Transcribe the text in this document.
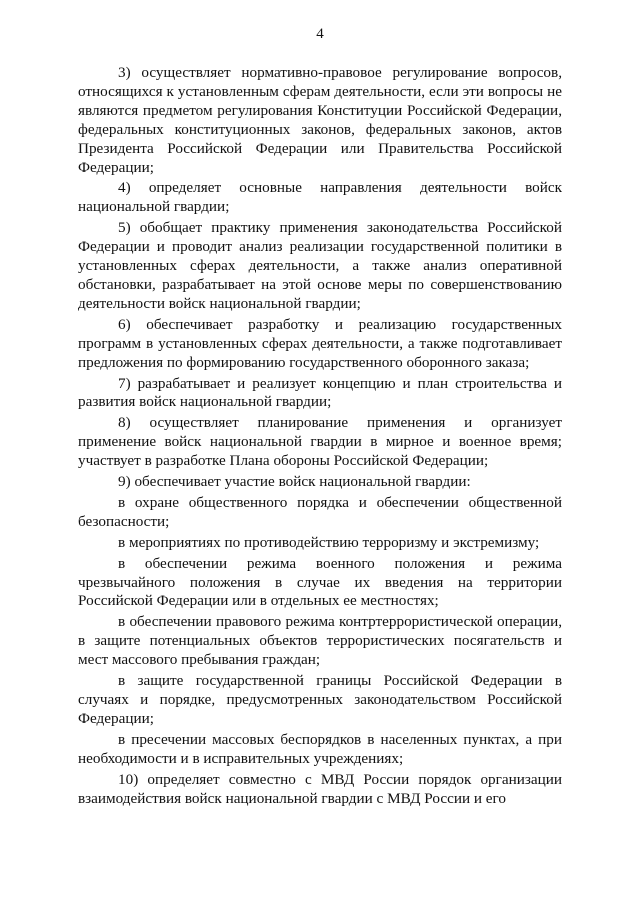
4

3) осуществляет нормативно-правовое регулирование вопросов, относящихся к установленным сферам деятельности, если эти вопросы не являются предметом регулирования Конституции Российской Федерации, федеральных конституционных законов, федеральных законов, актов Президента Российской Федерации или Правительства Российской Федерации;

4) определяет основные направления деятельности войск национальной гвардии;

5) обобщает практику применения законодательства Российской Федерации и проводит анализ реализации государственной политики в установленных сферах деятельности, а также анализ оперативной обстановки, разрабатывает на этой основе меры по совершенствованию деятельности войск национальной гвардии;

6) обеспечивает разработку и реализацию государственных программ в установленных сферах деятельности, а также подготавливает предложения по формированию государственного оборонного заказа;

7) разрабатывает и реализует концепцию и план строительства и развития войск национальной гвардии;

8) осуществляет планирование применения и организует применение войск национальной гвардии в мирное и военное время; участвует в разработке Плана обороны Российской Федерации;

9) обеспечивает участие войск национальной гвардии:

в охране общественного порядка и обеспечении общественной безопасности;

в мероприятиях по противодействию терроризму и экстремизму;

в обеспечении режима военного положения и режима чрезвычайного положения в случае их введения на территории Российской Федерации или в отдельных ее местностях;

в обеспечении правового режима контртеррористической операции, в защите потенциальных объектов террористических посягательств и мест массового пребывания граждан;

в защите государственной границы Российской Федерации в случаях и порядке, предусмотренных законодательством Российской Федерации;

в пресечении массовых беспорядков в населенных пунктах, а при необходимости и в исправительных учреждениях;

10) определяет совместно с МВД России порядок организации взаимодействия войск национальной гвардии с МВД России и его
